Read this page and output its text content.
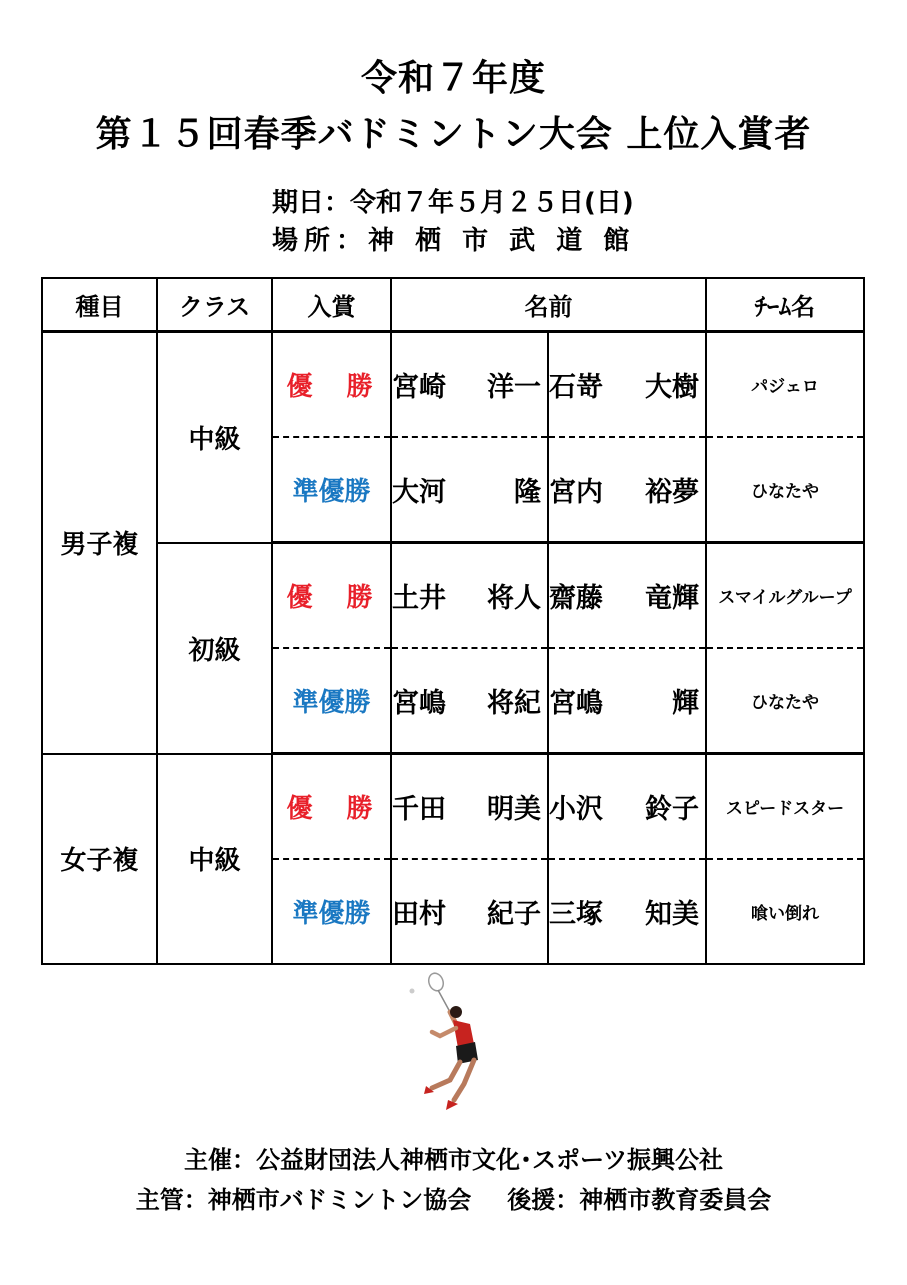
令和７年度
第１５回春季バドミントン大会 上位入賞者
期日：令和７年５月２５日(日)
場所：神 栖 市 武 道 館
種目	クラス	入賞	名前		ﾁｰﾑ名
男子複	中級	優　勝	宮崎 洋一	石嵜 大樹	パジェロ
		準優勝	大河 隆	宮内 裕夢	ひなたや
	初級	優　勝	土井 将人	齋藤 竜輝	スマイルグループ
		準優勝	宮嶋 将紀	宮嶋 輝	ひなたや
女子複	中級	優　勝	千田 明美	小沢 鈴子	スピードスター
		準優勝	田村 紀子	三塚 知美	喰い倒れ
主催：公益財団法人神栖市文化･スポーツ振興公社
主管：神栖市バドミントン協会 後援：神栖市教育委員会
